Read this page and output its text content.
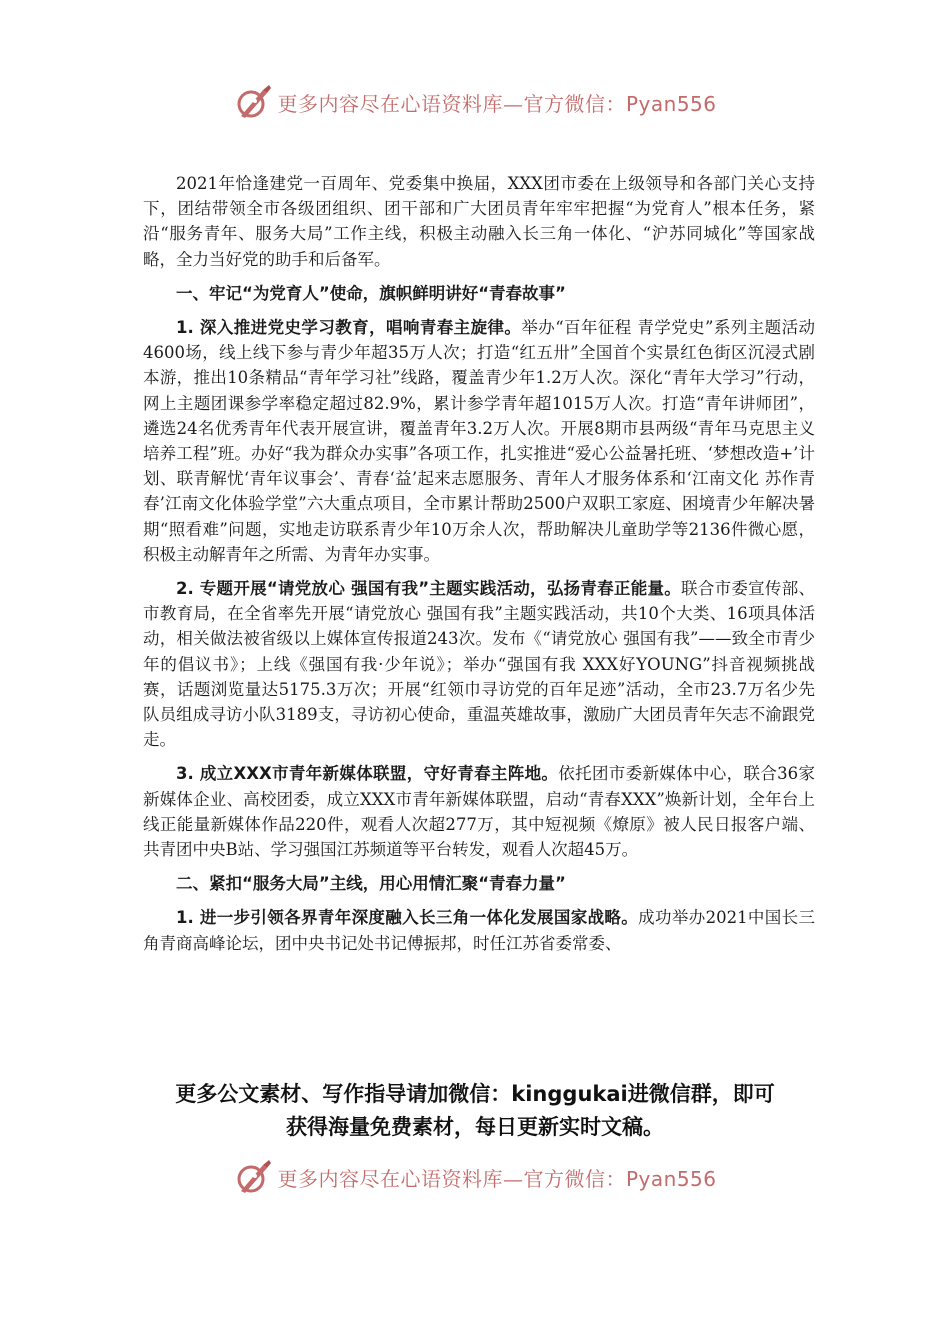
更多内容尽在心语资料库—官方微信：Pyan556

2021年恰逢建党一百周年、党委集中换届，XXX团市委在上级领导和各部门关心支持下，团结带领全市各级团组织、团干部和广大团员青年牢牢把握“为党育人”根本任务，紧沿“服务青年、服务大局”工作主线，积极主动融入长三角一体化、“沪苏同城化”等国家战略，全力当好党的助手和后备军。

一、牢记“为党育人”使命，旗帜鲜明讲好“青春故事”

1. 深入推进党史学习教育，唱响青春主旋律。举办“百年征程 青学党史”系列主题活动4600场，线上线下参与青少年超35万人次；打造“红五卅”全国首个实景红色街区沉浸式剧本游，推出10条精品“青年学习社”线路，覆盖青少年1.2万人次。深化“青年大学习”行动，网上主题团课参学率稳定超过82.9%，累计参学青年超1015万人次。打造“青年讲师团”，遴选24名优秀青年代表开展宣讲，覆盖青年3.2万人次。开展8期市县两级“青年马克思主义培养工程”班。办好“我为群众办实事”各项工作，扎实推进“爱心公益暑托班、‘梦想改造+’计划、联青解忧‘青年议事会’、青春‘益’起来志愿服务、青年人才服务体系和‘江南文化 苏作青春’江南文化体验学堂”六大重点项目，全市累计帮助2500户双职工家庭、困境青少年解决暑期“照看难”问题，实地走访联系青少年10万余人次，帮助解决儿童助学等2136件微心愿，积极主动解青年之所需、为青年办实事。

2. 专题开展“请党放心 强国有我”主题实践活动，弘扬青春正能量。联合市委宣传部、市教育局，在全省率先开展“请党放心 强国有我”主题实践活动，共10个大类、16项具体活动，相关做法被省级以上媒体宣传报道243次。发布《“请党放心 强国有我”——致全市青少年的倡议书》；上线《强国有我·少年说》；举办“强国有我 XXX好YOUNG”抖音视频挑战赛，话题浏览量达5175.3万次；开展“红领巾寻访党的百年足迹”活动，全市23.7万名少先队员组成寻访小队3189支，寻访初心使命，重温英雄故事，激励广大团员青年矢志不渝跟党走。

3. 成立XXX市青年新媒体联盟，守好青春主阵地。依托团市委新媒体中心，联合36家新媒体企业、高校团委，成立XXX市青年新媒体联盟，启动“青春XXX”焕新计划，全年台上线正能量新媒体作品220件，观看人次超277万，其中短视频《燎原》被人民日报客户端、共青团中央B站、学习强国江苏频道等平台转发，观看人次超45万。

二、紧扣“服务大局”主线，用心用情汇聚“青春力量”

1. 进一步引领各界青年深度融入长三角一体化发展国家战略。成功举办2021中国长三角青商高峰论坛，团中央书记处书记傅振邦，时任江苏省委常委、

更多公文素材、写作指导请加微信：kinggukai进微信群，即可
获得海量免费素材，每日更新实时文稿。
更多内容尽在心语资料库—官方微信：Pyan556
